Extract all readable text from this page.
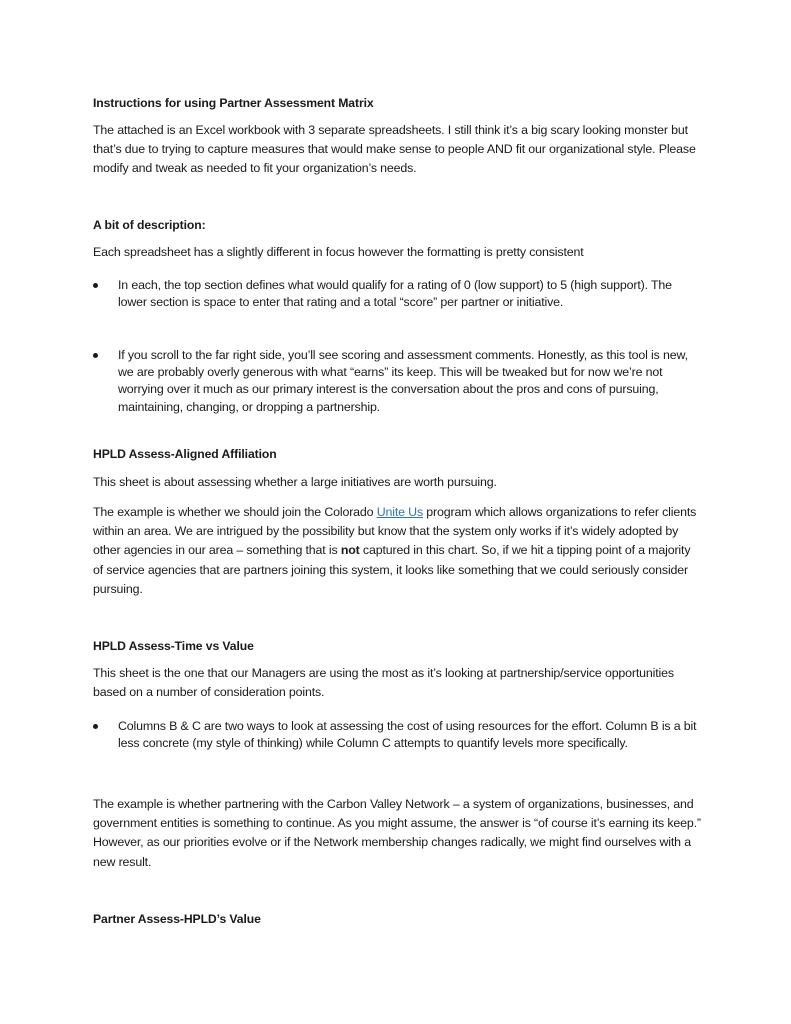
Instructions for using Partner Assessment Matrix
The attached is an Excel workbook with 3 separate spreadsheets. I still think it’s a big scary looking monster but that’s due to trying to capture measures that would make sense to people AND fit our organizational style. Please modify and tweak as needed to fit your organization’s needs.
A bit of description:
Each spreadsheet has a slightly different in focus however the formatting is pretty consistent
In each, the top section defines what would qualify for a rating of 0 (low support) to 5 (high support). The lower section is space to enter that rating and a total “score” per partner or initiative.
If you scroll to the far right side, you’ll see scoring and assessment comments. Honestly, as this tool is new, we are probably overly generous with what “earns” its keep. This will be tweaked but for now we’re not worrying over it much as our primary interest is the conversation about the pros and cons of pursuing, maintaining, changing, or dropping a partnership.
HPLD Assess-Aligned Affiliation
This sheet is about assessing whether a large initiatives are worth pursuing.
The example is whether we should join the Colorado Unite Us program which allows organizations to refer clients within an area. We are intrigued by the possibility but know that the system only works if it’s widely adopted by other agencies in our area – something that is not captured in this chart. So, if we hit a tipping point of a majority of service agencies that are partners joining this system, it looks like something that we could seriously consider pursuing.
HPLD Assess-Time vs Value
This sheet is the one that our Managers are using the most as it’s looking at partnership/service opportunities based on a number of consideration points.
Columns B & C are two ways to look at assessing the cost of using resources for the effort. Column B is a bit less concrete (my style of thinking) while Column C attempts to quantify levels more specifically.
The example is whether partnering with the Carbon Valley Network – a system of organizations, businesses, and government entities is something to continue. As you might assume, the answer is “of course it’s earning its keep.” However, as our priorities evolve or if the Network membership changes radically, we might find ourselves with a new result.
Partner Assess-HPLD’s Value
